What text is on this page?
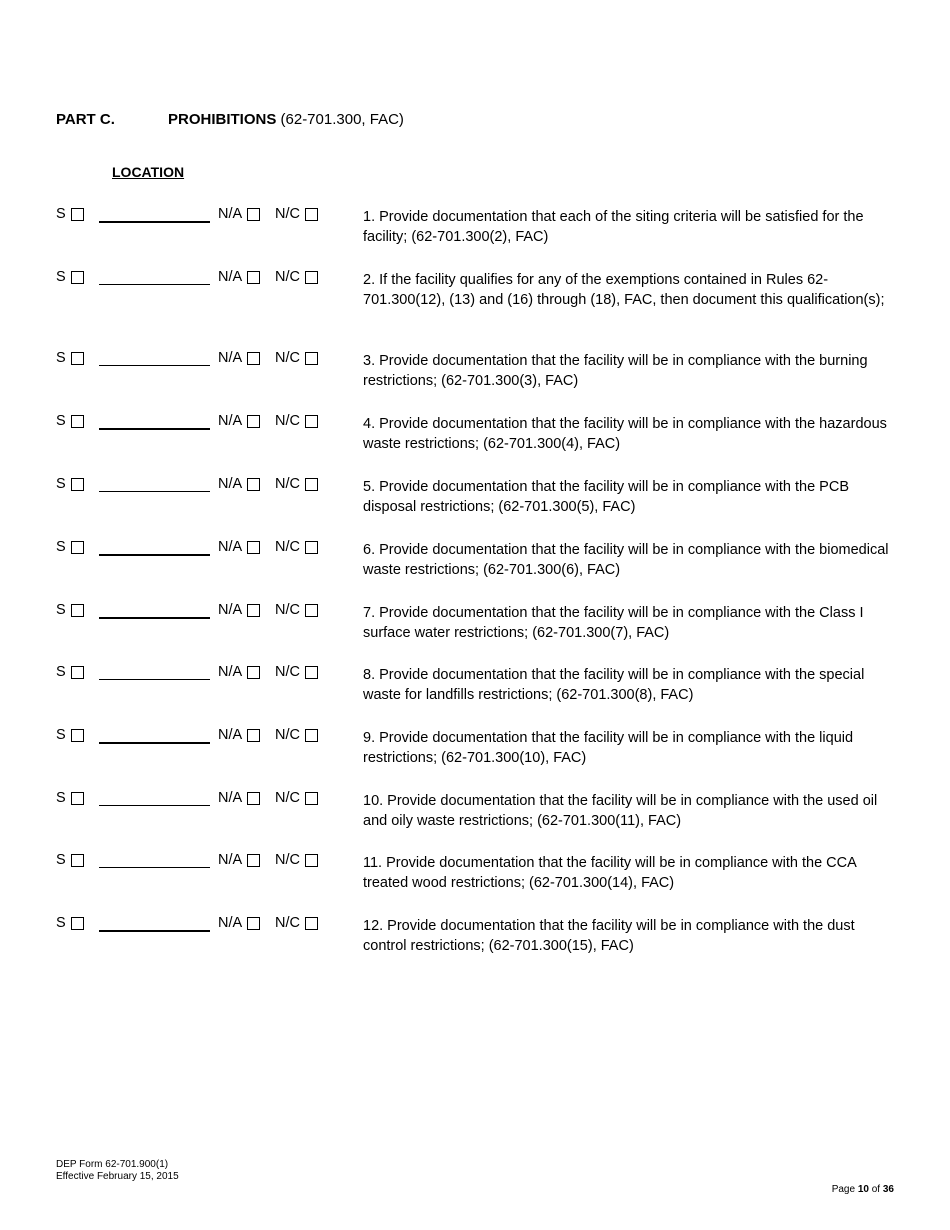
PART C.	PROHIBITIONS (62-701.300, FAC)
LOCATION
S	N/A N/C	1. Provide documentation that each of the siting criteria will be satisfied for the facility; (62-701.300(2), FAC)

S	N/A N/C	2. If the facility qualifies for any of the exemptions contained in Rules 62-701.300(12), (13) and (16) through (18), FAC, then document this qualification(s);

S	N/A N/C	3. Provide documentation that the facility will be in compliance with the burning restrictions; (62-701.300(3), FAC)

S	N/A N/C	4. Provide documentation that the facility will be in compliance with the hazardous waste restrictions; (62-701.300(4), FAC)

S	N/A N/C	5. Provide documentation that the facility will be in compliance with the PCB disposal restrictions; (62-701.300(5), FAC)

S	N/A N/C	6. Provide documentation that the facility will be in compliance with the biomedical waste restrictions; (62-701.300(6), FAC)

S	N/A N/C	7. Provide documentation that the facility will be in compliance with the Class I surface water restrictions; (62-701.300(7), FAC)

S	N/A N/C	8. Provide documentation that the facility will be in compliance with the special waste for landfills restrictions; (62-701.300(8), FAC)

S	N/A N/C	9. Provide documentation that the facility will be in compliance with the liquid restrictions; (62-701.300(10), FAC)

S	N/A N/C	10. Provide documentation that the facility will be in compliance with the used oil and oily waste restrictions; (62-701.300(11), FAC)

S	N/A N/C	11. Provide documentation that the facility will be in compliance with the CCA treated wood restrictions; (62-701.300(14), FAC)

S	N/A N/C	12. Provide documentation that the facility will be in compliance with the dust control restrictions; (62-701.300(15), FAC)

DEP Form 62-701.900(1)
Effective February 15, 2015
Page 10 of 36
